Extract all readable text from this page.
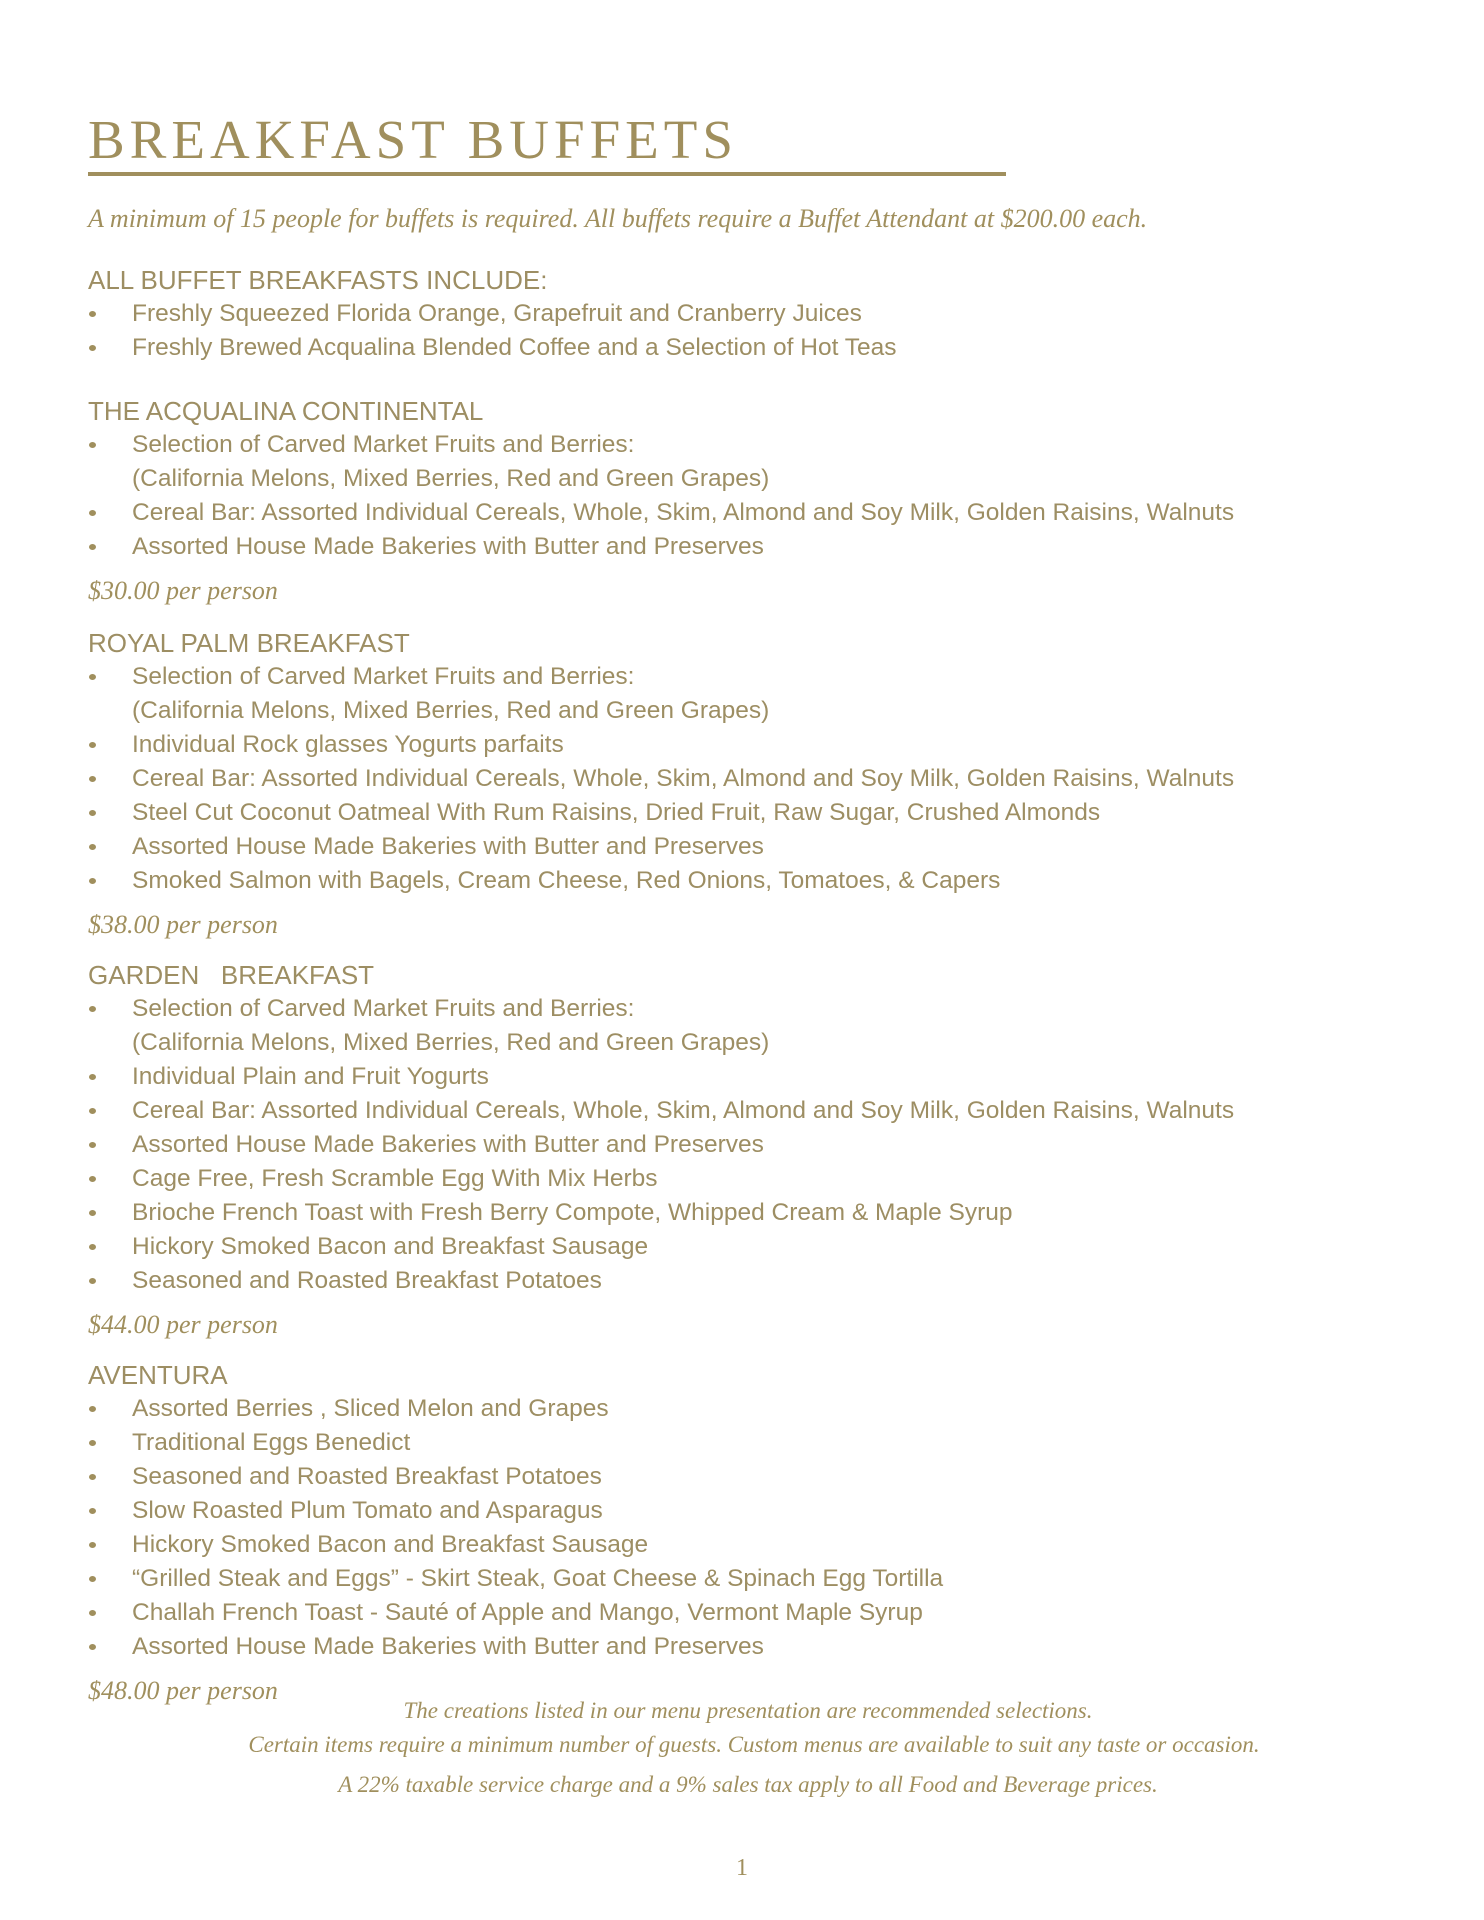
BREAKFAST BUFFETS
A minimum of 15 people for buffets is required. All buffets require a Buffet Attendant at $200.00 each.
ALL BUFFET BREAKFASTS INCLUDE:
Freshly Squeezed Florida Orange, Grapefruit and Cranberry Juices
Freshly Brewed Acqualina Blended Coffee and a Selection of Hot Teas
THE ACQUALINA CONTINENTAL
Selection of Carved Market Fruits and Berries:
(California Melons, Mixed Berries, Red and Green Grapes)
Cereal Bar: Assorted Individual Cereals, Whole, Skim, Almond and Soy Milk, Golden Raisins, Walnuts
Assorted House Made Bakeries with Butter and Preserves
$30.00 per person
ROYAL PALM BREAKFAST
Selection of Carved Market Fruits and Berries:
(California Melons, Mixed Berries, Red and Green Grapes)
Individual Rock glasses Yogurts parfaits
Cereal Bar: Assorted Individual Cereals, Whole, Skim, Almond and Soy Milk, Golden Raisins, Walnuts
Steel Cut Coconut Oatmeal With Rum Raisins, Dried Fruit, Raw Sugar, Crushed Almonds
Assorted House Made Bakeries with Butter and Preserves
Smoked Salmon with Bagels, Cream Cheese, Red Onions, Tomatoes, & Capers
$38.00 per person
GARDEN   BREAKFAST
Selection of Carved Market Fruits and Berries:
(California Melons, Mixed Berries, Red and Green Grapes)
Individual Plain and Fruit Yogurts
Cereal Bar: Assorted Individual Cereals, Whole, Skim, Almond and Soy Milk, Golden Raisins, Walnuts
Assorted House Made Bakeries with Butter and Preserves
Cage Free, Fresh Scramble Egg With Mix Herbs
Brioche French Toast with Fresh Berry Compote, Whipped Cream & Maple Syrup
Hickory Smoked Bacon and Breakfast Sausage
Seasoned and Roasted Breakfast Potatoes
$44.00 per person
AVENTURA
Assorted Berries , Sliced Melon and Grapes
Traditional Eggs Benedict
Seasoned and Roasted Breakfast Potatoes
Slow Roasted Plum Tomato and Asparagus
Hickory Smoked Bacon and Breakfast Sausage
“Grilled Steak and Eggs” - Skirt Steak, Goat Cheese & Spinach Egg Tortilla
Challah French Toast - Sauté of Apple and Mango, Vermont Maple Syrup
Assorted House Made Bakeries with Butter and Preserves
$48.00 per person
The creations listed in our menu presentation are recommended selections.
Certain items require a minimum number of guests. Custom menus are available to suit any taste or occasion.
A 22% taxable service charge and a 9% sales tax apply to all Food and Beverage prices.
1
